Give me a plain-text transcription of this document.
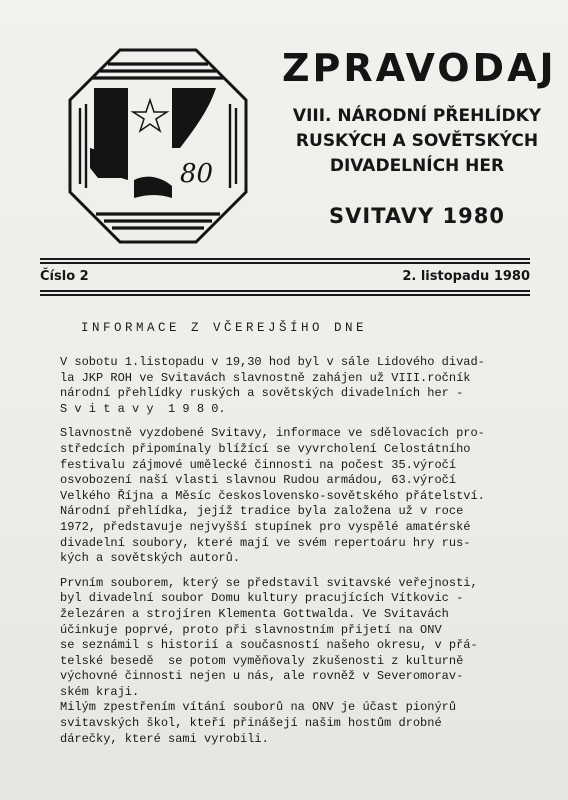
80
ZPRAVODAJ
VIII. NÁRODNÍ PŘEHLÍDKY
RUSKÝCH A SOVĚTSKÝCH
DIVADELNÍCH HER
SVITAVY 1980
Číslo 2	2. listopadu 1980
INFORMACE Z VČEREJŠÍHO DNE
V sobotu 1.listopadu v 19,30 hod byl v sále Lidového divad-
la JKP ROH ve Svitavách slavnostně zahájen už VIII.ročník
národní přehlídky ruských a sovětských divadelních her -
S v i t a v y  1 9 8 0.
Slavnostně vyzdobené Svitavy, informace ve sdělovacích pro-
středcích připomínaly blížící se vyvrcholení Celostátního
festivalu zájmové umělecké činnosti na počest 35.výročí
osvobození naší vlasti slavnou Rudou armádou, 63.výročí
Velkého Října a Měsíc československo-sovětského přátelství.
Národní přehlídka, jejíž tradice byla založena už v roce
1972, představuje nejvyšší stupínek pro vyspělé amatérské
divadelní soubory, které mají ve svém repertoáru hry rus-
kých a sovětských autorů.
Prvním souborem, který se představil svitavské veřejnosti,
byl divadelní soubor Domu kultury pracujících Vítkovic -
železáren a strojíren Klementa Gottwalda. Ve Svitavách
účinkuje poprvé, proto při slavnostním přijetí na ONV
se seznámil s historií a současností našeho okresu, v přá-
telské besedě  se potom vyměňovaly zkušenosti z kulturně
výchovné činnosti nejen u nás, ale rovněž v Severomorav-
ském kraji.
Milým zpestřením vítání souborů na ONV je účast pionýrů
svitavských škol, kteří přinášejí našim hostům drobné
dárečky, které sami vyrobili.
